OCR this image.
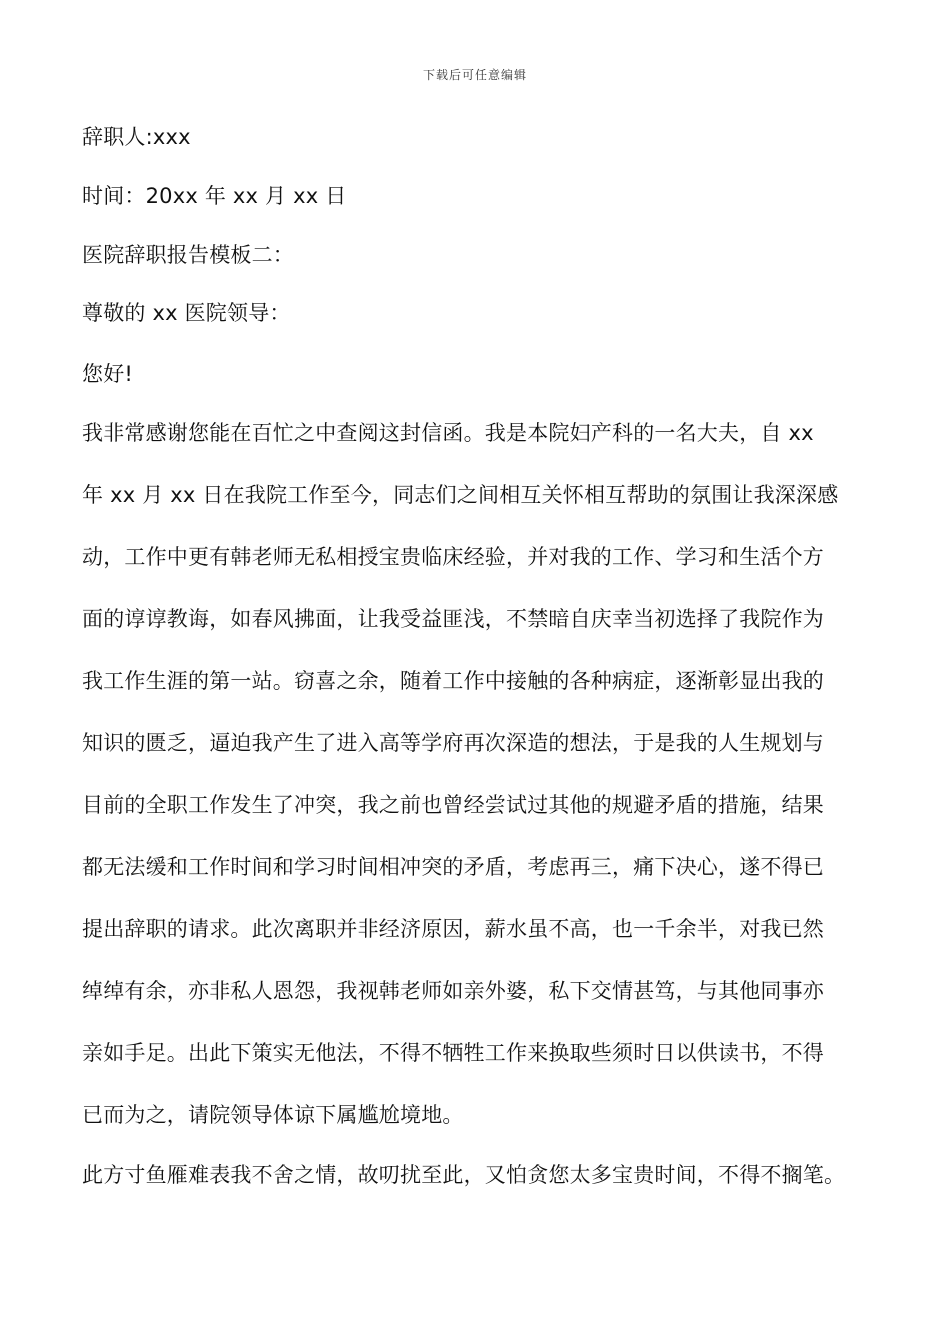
下载后可任意编辑
辞职人:xxx
时间：20xx 年 xx 月 xx 日
医院辞职报告模板二：
尊敬的 xx 医院领导：
您好!
我非常感谢您能在百忙之中查阅这封信函。我是本院妇产科的一名大夫，自 xx
年 xx 月 xx 日在我院工作至今，同志们之间相互关怀相互帮助的氛围让我深深感
动，工作中更有韩老师无私相授宝贵临床经验，并对我的工作、学习和生活个方
面的谆谆教诲，如春风拂面，让我受益匪浅，不禁暗自庆幸当初选择了我院作为
我工作生涯的第一站。窃喜之余，随着工作中接触的各种病症，逐渐彰显出我的
知识的匮乏，逼迫我产生了进入高等学府再次深造的想法，于是我的人生规划与
目前的全职工作发生了冲突，我之前也曾经尝试过其他的规避矛盾的措施，结果
都无法缓和工作时间和学习时间相冲突的矛盾，考虑再三，痛下决心，遂不得已
提出辞职的请求。此次离职并非经济原因，薪水虽不高，也一千余半，对我已然
绰绰有余，亦非私人恩怨，我视韩老师如亲外婆，私下交情甚笃，与其他同事亦
亲如手足。出此下策实无他法，不得不牺牲工作来换取些须时日以供读书，不得
已而为之，请院领导体谅下属尴尬境地。
此方寸鱼雁难表我不舍之情，故叨扰至此，又怕贪您太多宝贵时间，不得不搁笔。
